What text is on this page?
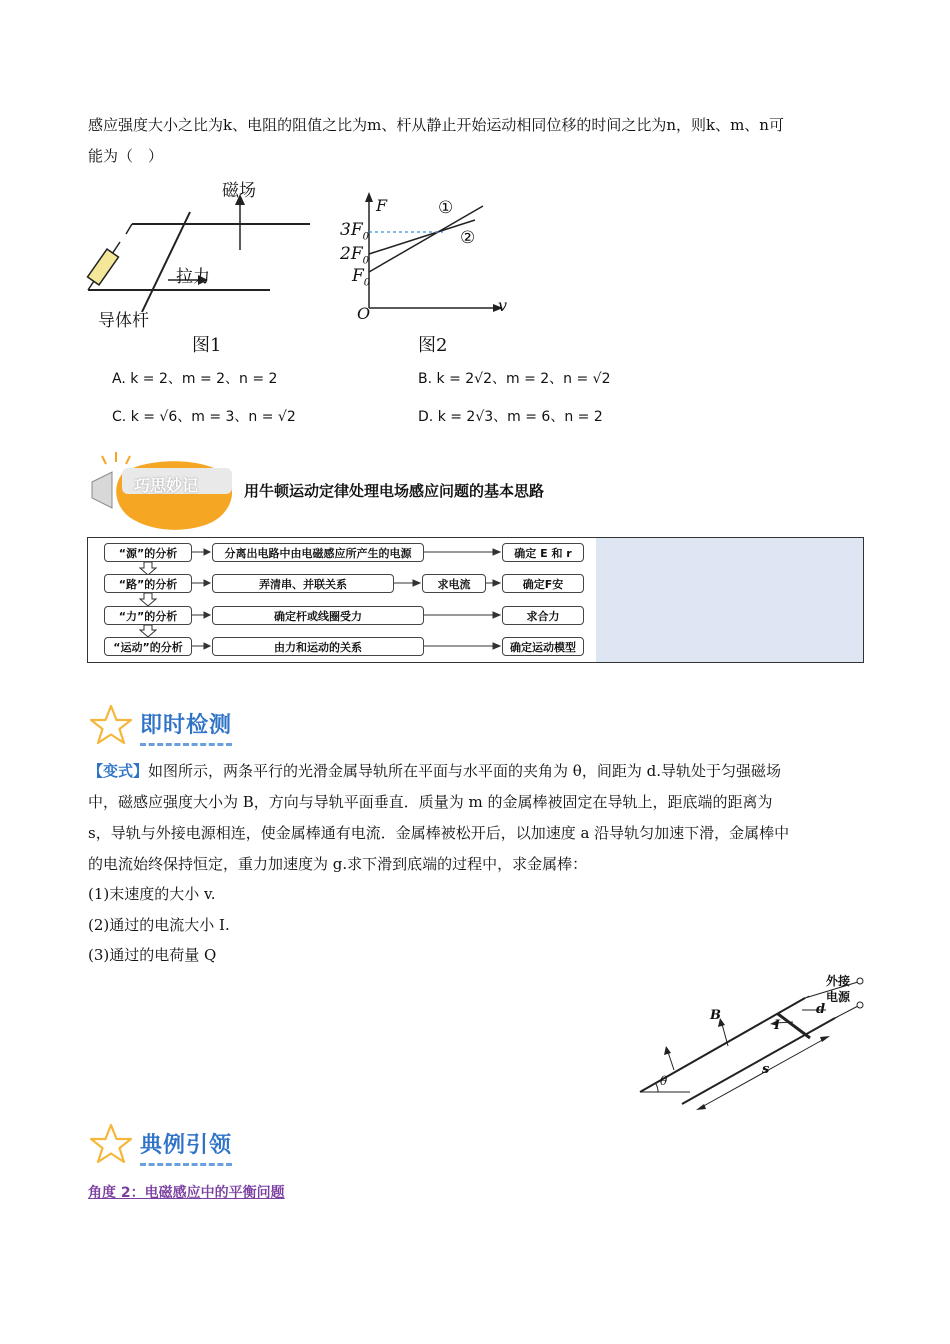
感应强度大小之比为k、电阻的阻值之比为m、杆从静止开始运动相同位移的时间之比为n，则k、m、n可
能为（　）
磁场
拉力
导体杆
图1
F
v
O
$3F_0$
$2F_0$
$F_0$
①
②
图2
A. k = 2、m = 2、n = 2	B. k = 2√2、m = 2、n = √2
C. k = √6、m = 3、n = √2	D. k = 2√3、m = 6、n = 2
巧思妙记	用牛顿运动定律处理电场感应问题的基本思路
“源”的分析	分离出电路中由电磁感应所产生的电源	确定 E 和 r
“路”的分析	弄清串、并联关系	求电流	确定F安
“力”的分析	确定杆或线圈受力	求合力
“运动”的分析	由力和运动的关系	确定运动模型
即时检测
【变式】如图所示，两条平行的光滑金属导轨所在平面与水平面的夹角为 θ，间距为 d.导轨处于匀强磁场
中，磁感应强度大小为 B，方向与导轨平面垂直．质量为 m 的金属棒被固定在导轨上，距底端的距离为
s，导轨与外接电源相连，使金属棒通有电流．金属棒被松开后，以加速度 a 沿导轨匀加速下滑，金属棒中
的电流始终保持恒定，重力加速度为 g.求下滑到底端的过程中，求金属棒：
(1)末速度的大小 v.
(2)通过的电流大小 I.
(3)通过的电荷量 Q
外接
电源
B
I
d
s
θ
典例引领
角度 2：电磁感应中的平衡问题
